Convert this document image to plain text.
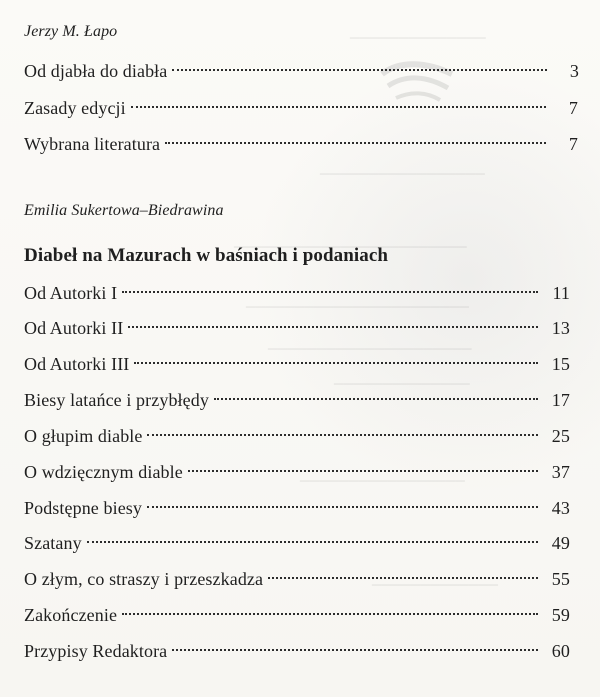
______________
_________________
________________________
_______________________
_____________________
______________
_________________
_____________
Jerzy M. Łapo
Od djabła do diabła	3
Zasady edycji	7
Wybrana literatura	7
Emilia Sukertowa–Biedrawina
Diabeł na Mazurach w baśniach i podaniach
Od Autorki I	11
Od Autorki II	13
Od Autorki III	15
Biesy latańce i przybłędy	17
O głupim diable	25
O wdzięcznym diable	37
Podstępne biesy	43
Szatany	49
O złym, co straszy i przeszkadza	55
Zakończenie	59
Przypisy Redaktora	60
